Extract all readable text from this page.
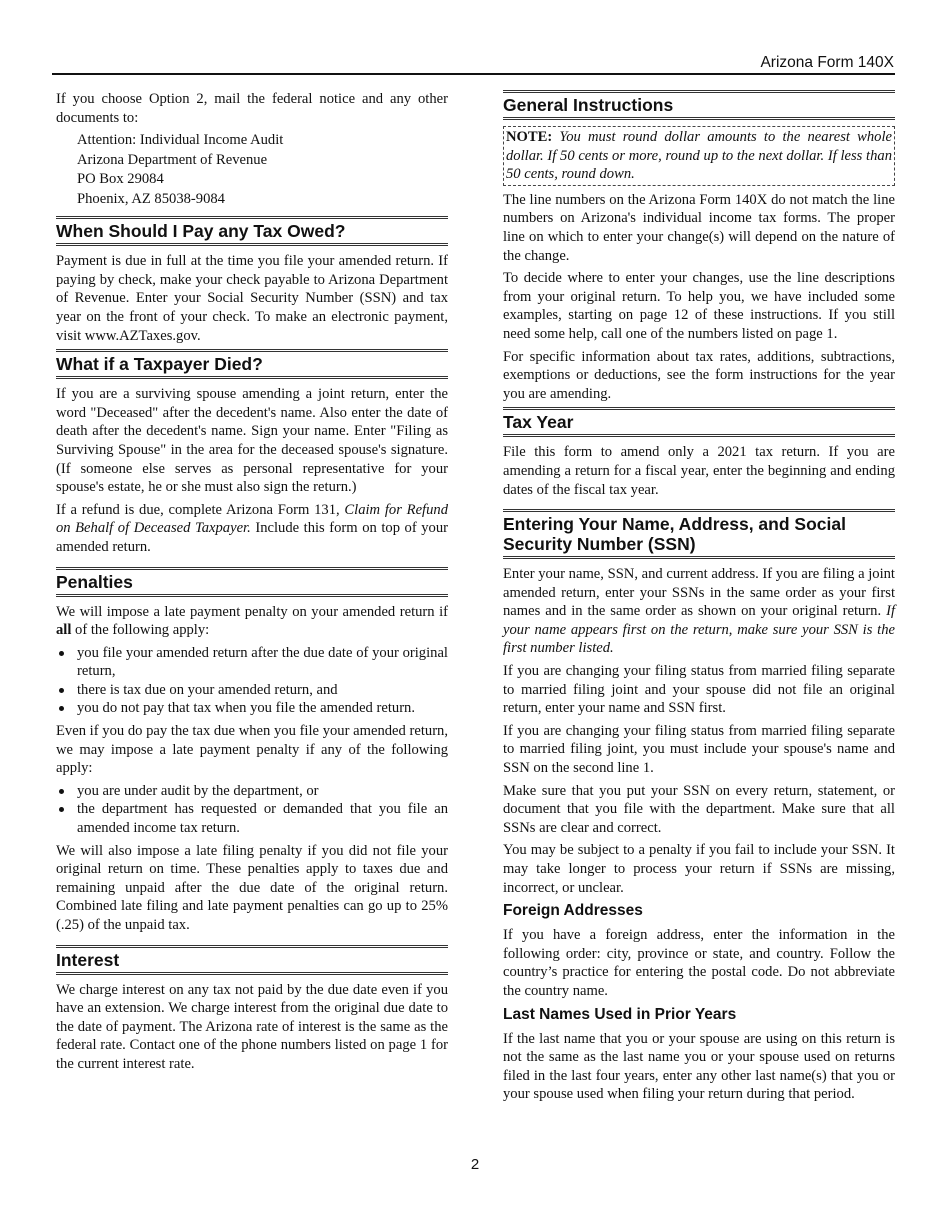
Arizona Form 140X

If you choose Option 2, mail the federal notice and any other documents to:

Attention: Individual Income Audit
Arizona Department of Revenue
PO Box 29084
Phoenix, AZ 85038-9084
When Should I Pay any Tax Owed?

Payment is due in full at the time you file your amended return. If paying by check, make your check payable to Arizona Department of Revenue. Enter your Social Security Number (SSN) and tax year on the front of your check. To make an electronic payment, visit www.AZTaxes.gov.

What if a Taxpayer Died?

If you are a surviving spouse amending a joint return, enter the word "Deceased" after the decedent's name. Also enter the date of death after the decedent's name. Sign your name. Enter "Filing as Surviving Spouse" in the area for the deceased spouse's signature. (If someone else serves as personal representative for your spouse's estate, he or she must also sign the return.)

If a refund is due, complete Arizona Form 131, Claim for Refund on Behalf of Deceased Taxpayer. Include this form on top of your amended return.

Penalties

We will impose a late payment penalty on your amended return if all of the following apply:

you file your amended return after the due date of your original return,
there is tax due on your amended return, and
you do not pay that tax when you file the amended return.

Even if you do pay the tax due when you file your amended return, we may impose a late payment penalty if any of the following apply:

you are under audit by the department, or
the department has requested or demanded that you file an amended income tax return.

We will also impose a late filing penalty if you did not file your original return on time. These penalties apply to taxes due and remaining unpaid after the due date of the original return. Combined late filing and late payment penalties can go up to 25% (.25) of the unpaid tax.

Interest

We charge interest on any tax not paid by the due date even if you have an extension. We charge interest from the original due date to the date of payment. The Arizona rate of interest is the same as the federal rate. Contact one of the phone numbers listed on page 1 for the current interest rate.

General Instructions
NOTE: You must round dollar amounts to the nearest whole dollar. If 50 cents or more, round up to the next dollar. If less than 50 cents, round down.

The line numbers on the Arizona Form 140X do not match the line numbers on Arizona's individual income tax forms. The proper line on which to enter your change(s) will depend on the nature of the change.

To decide where to enter your changes, use the line descriptions from your original return. To help you, we have included some examples, starting on page 12 of these instructions. If you still need some help, call one of the numbers listed on page 1.

For specific information about tax rates, additions, subtractions, exemptions or deductions, see the form instructions for the year you are amending.

Tax Year

File this form to amend only a 2021 tax return. If you are amending a return for a fiscal year, enter the beginning and ending dates of the fiscal tax year.

Entering Your Name, Address, and Social Security Number (SSN)

Enter your name, SSN, and current address. If you are filing a joint amended return, enter your SSNs in the same order as your first names and in the same order as shown on your original return. If your name appears first on the return, make sure your SSN is the first number listed.

If you are changing your filing status from married filing separate to married filing joint and your spouse did not file an original return, enter your name and SSN first.

If you are changing your filing status from married filing separate to married filing joint, you must include your spouse's name and SSN on the second line 1.

Make sure that you put your SSN on every return, statement, or document that you file with the department. Make sure that all SSNs are clear and correct.

You may be subject to a penalty if you fail to include your SSN. It may take longer to process your return if SSNs are missing, incorrect, or unclear.

Foreign Addresses

If you have a foreign address, enter the information in the following order: city, province or state, and country. Follow the country’s practice for entering the postal code. Do not abbreviate the country name.

Last Names Used in Prior Years

If the last name that you or your spouse are using on this return is not the same as the last name you or your spouse used on returns filed in the last four years, enter any other last name(s) that you or your spouse used when filing your return during that period.

2
